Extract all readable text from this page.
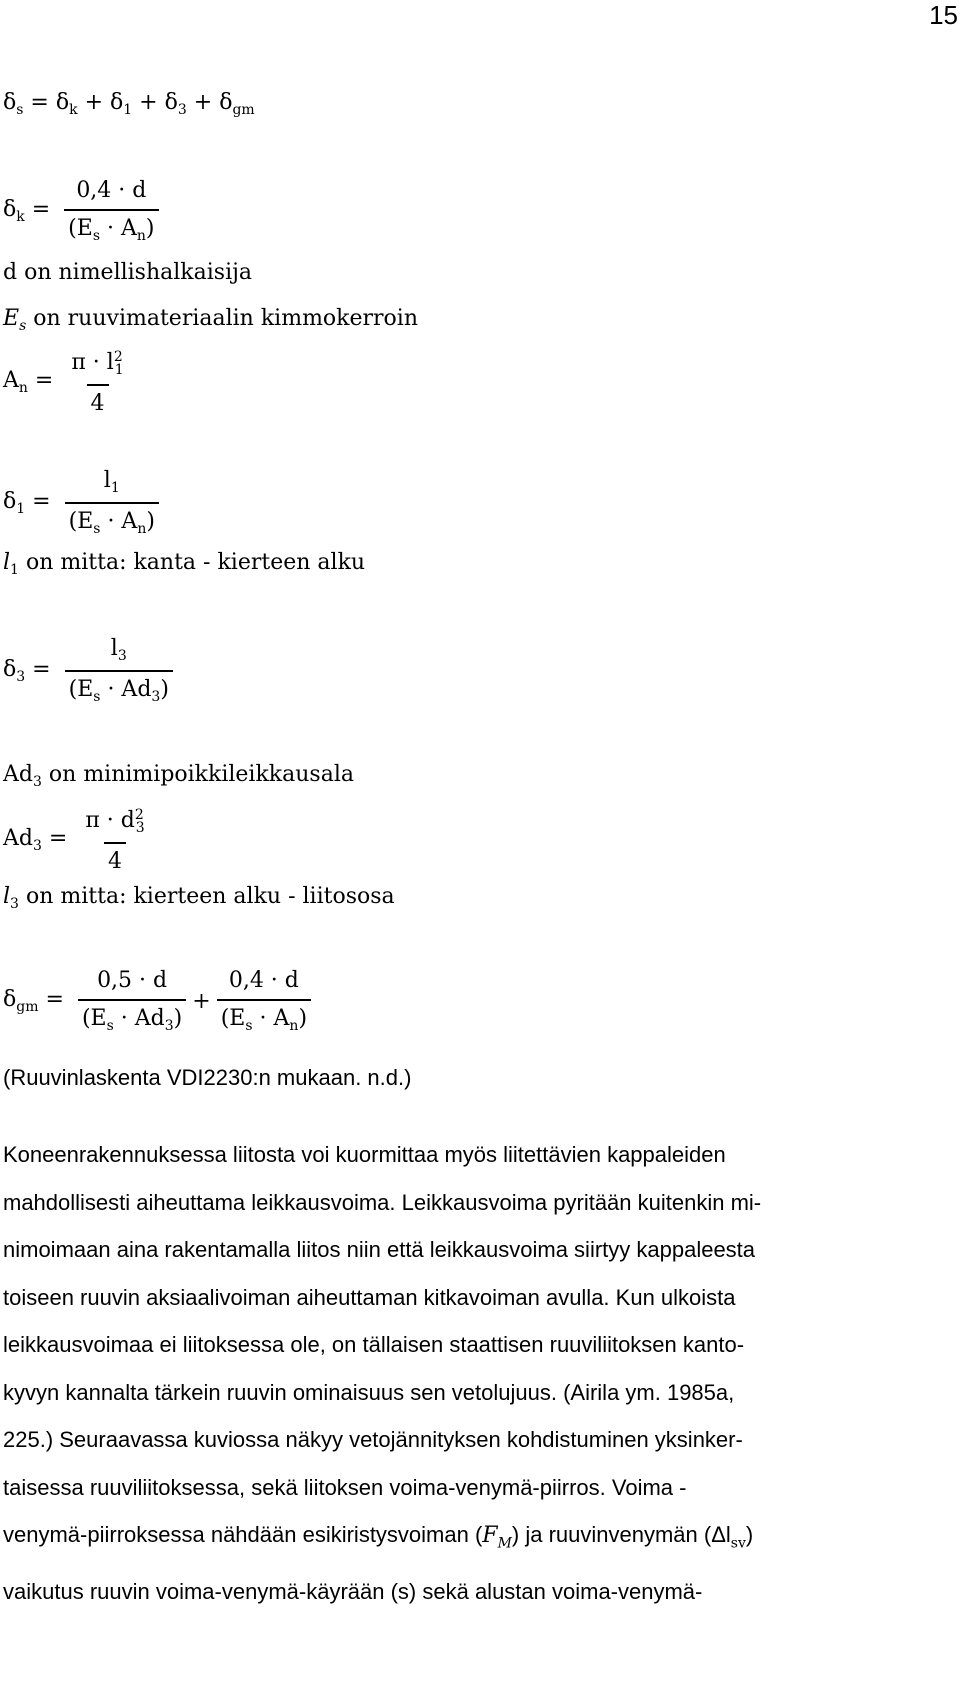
15
$\delta_s = \delta_k + \delta_1 + \delta_3 + \delta_{gm}$
$\delta_k = \frac{0,4 \cdot d}{(E_s \cdot A_n)}$
d on nimellishalkaisija
$E_s$ on ruuvimateriaalin kimmokerroin
$A_n = \frac{\pi \cdot l^2_1}{4}$
$\delta_1 = \frac{l_1}{(E_s \cdot A_n)}$
$l_1$ on mitta: kanta - kierteen alku
$\delta_3 = \frac{l_3}{(E_s \cdot Ad_3)}$
$Ad_3$ on minimipoikkileikkausala
$Ad_3 = \frac{\pi \cdot d^2_3}{4}$
$l_3$ on mitta: kierteen alku - liitososa
$\delta_{gm} = \frac{0,5 \cdot d}{(E_s \cdot Ad_3)} + \frac{0,4 \cdot d}{(E_s \cdot A_n)}$
(Ruuvinlaskenta VDI2230:n mukaan. n.d.)
Koneenrakennuksessa liitosta voi kuormittaa myös liitettävien kappaleiden
mahdollisesti aiheuttama leikkausvoima. Leikkausvoima pyritään kuitenkin mi-
nimoimaan aina rakentamalla liitos niin että leikkausvoima siirtyy kappaleesta
toiseen ruuvin aksiaalivoiman aiheuttaman kitkavoiman avulla. Kun ulkoista
leikkausvoimaa ei liitoksessa ole, on tällaisen staattisen ruuviliitoksen kanto-
kyvyn kannalta tärkein ruuvin ominaisuus sen vetolujuus. (Airila ym. 1985a,
225.) Seuraavassa kuviossa näkyy vetojännityksen kohdistuminen yksinker-
taisessa ruuviliitoksessa, sekä liitoksen voima-venymä-piirros. Voima -
venymä-piirroksessa nähdään esikiristysvoiman $(F_M)$ ja ruuvinvenymän $(\Delta l_{sv})$
vaikutus ruuvin voima-venymä-käyrään (s) sekä alustan voima-venymä-
